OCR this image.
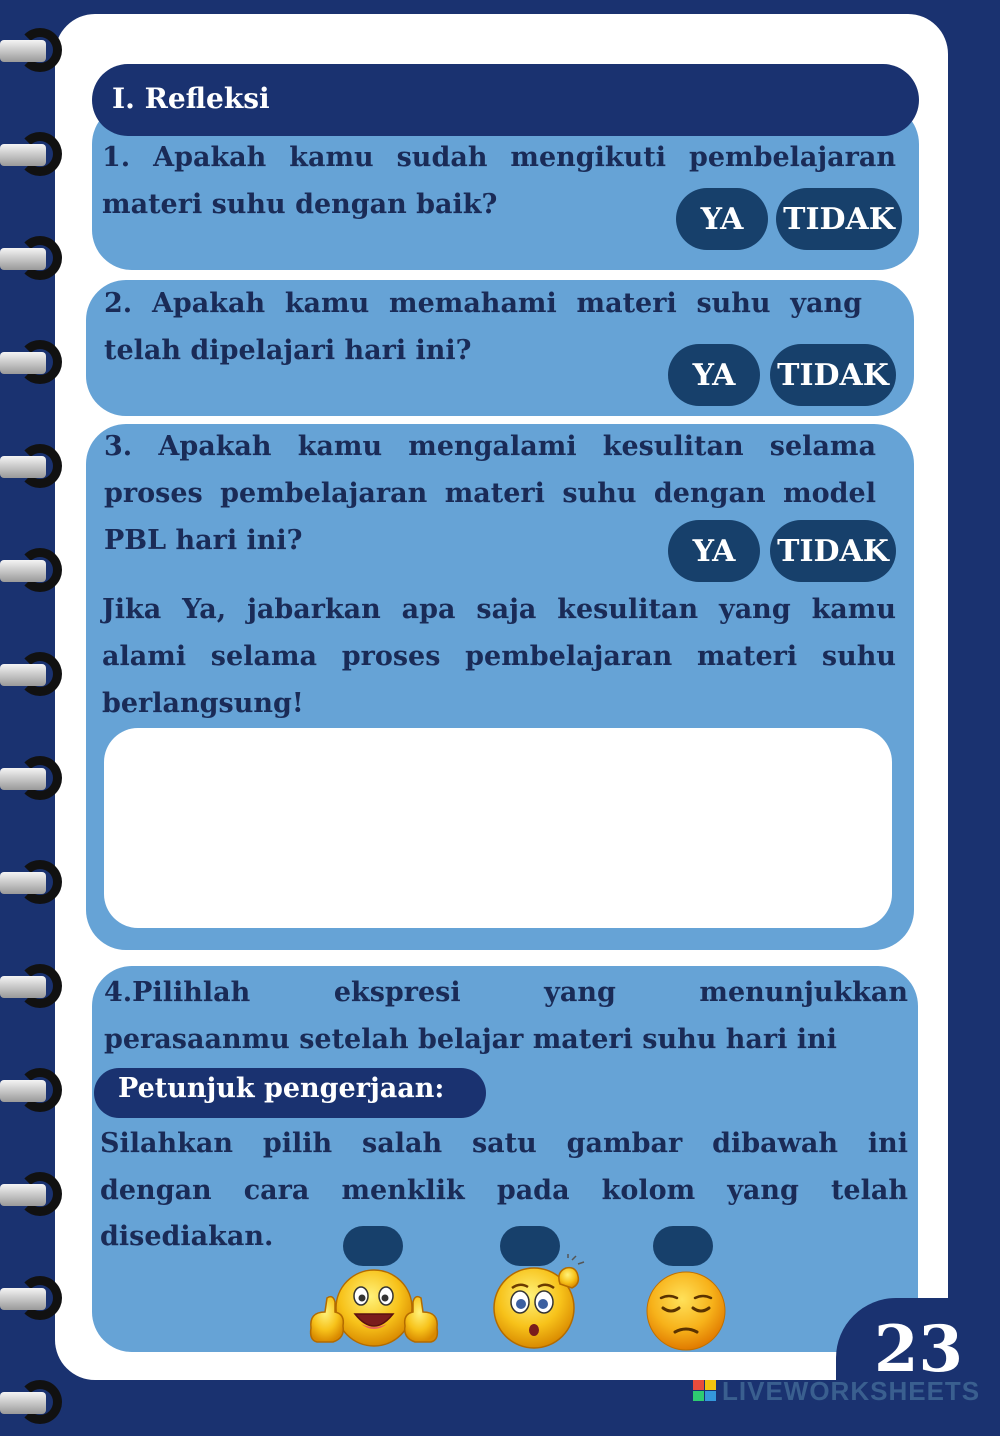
I. Refleksi
1. Apakah kamu sudah mengikuti pembelajaran
materi suhu dengan baik?	YA	TIDAK
2. Apakah kamu memahami materi suhu yang
telah dipelajari hari ini?
YA	TIDAK
3. Apakah kamu mengalami kesulitan selama
proses pembelajaran materi suhu dengan model
PBL hari ini?	YA	TIDAK
Jika Ya, jabarkan apa saja kesulitan yang kamu
alami selama proses pembelajaran materi suhu
berlangsung!
4.Pilihlah ekspresi yang menunjukkan
perasaanmu setelah belajar materi suhu hari ini
Petunjuk pengerjaan:
Silahkan pilih salah satu gambar dibawah ini
dengan cara menklik pada kolom yang telah
disediakan.
23
LIVEWORKSHEETS
